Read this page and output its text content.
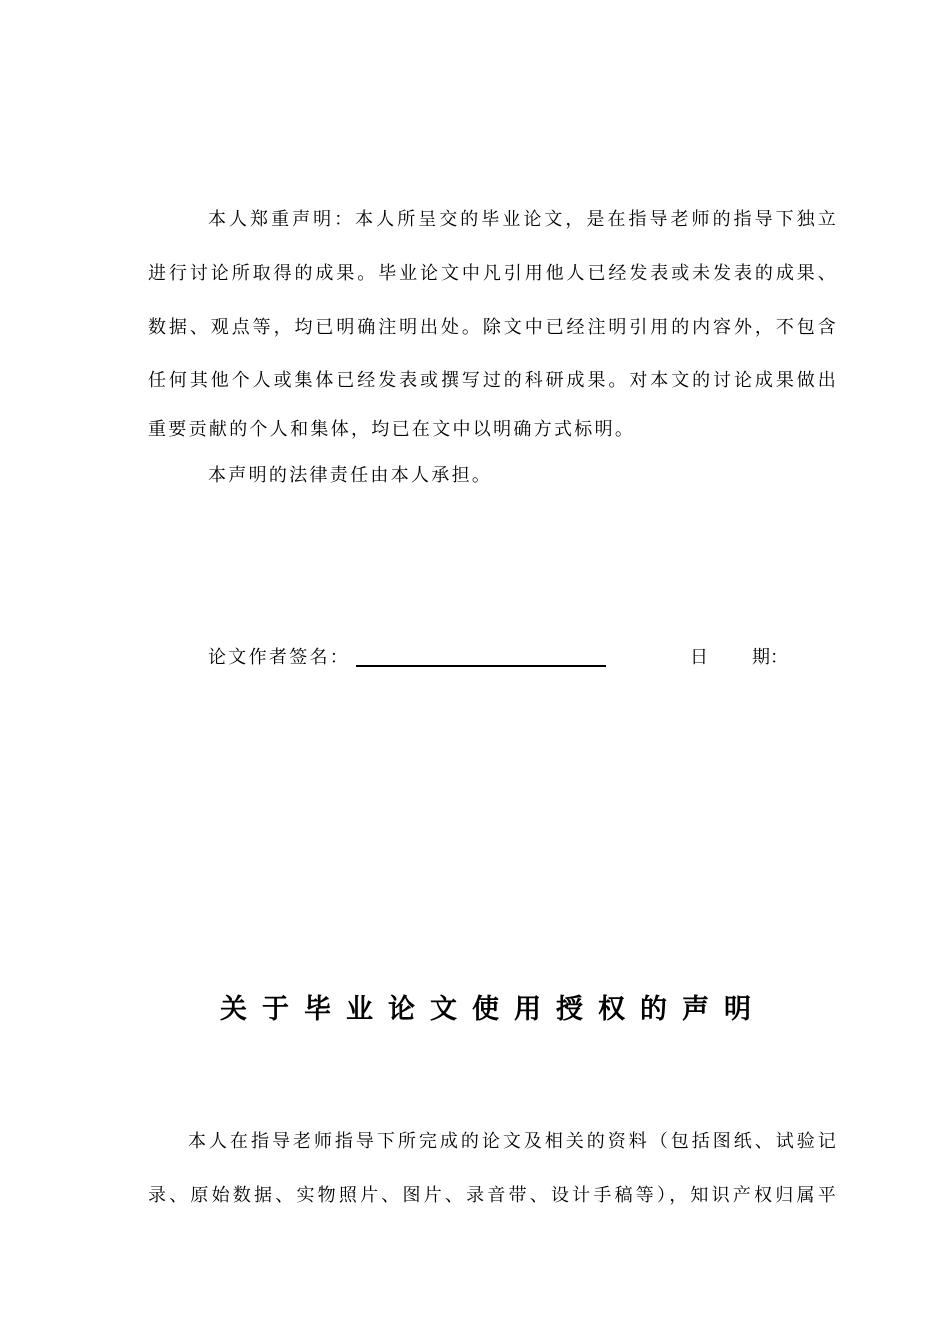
本人郑重声明：本人所呈交的毕业论文，是在指导老师的指导下独立
进行讨论所取得的成果。毕业论文中凡引用他人已经发表或未发表的成果、
数据、观点等，均已明确注明出处。除文中已经注明引用的内容外，不包含
任何其他个人或集体已经发表或撰写过的科研成果。对本文的讨论成果做出
重要贡献的个人和集体，均已在文中以明确方式标明。
本声明的法律责任由本人承担。
论文作者签名：	日 期：
关于毕业论文使用授权的声明
本人在指导老师指导下所完成的论文及相关的资料（包括图纸、试验记
录、原始数据、实物照片、图片、录音带、设计手稿等），知识产权归属平
